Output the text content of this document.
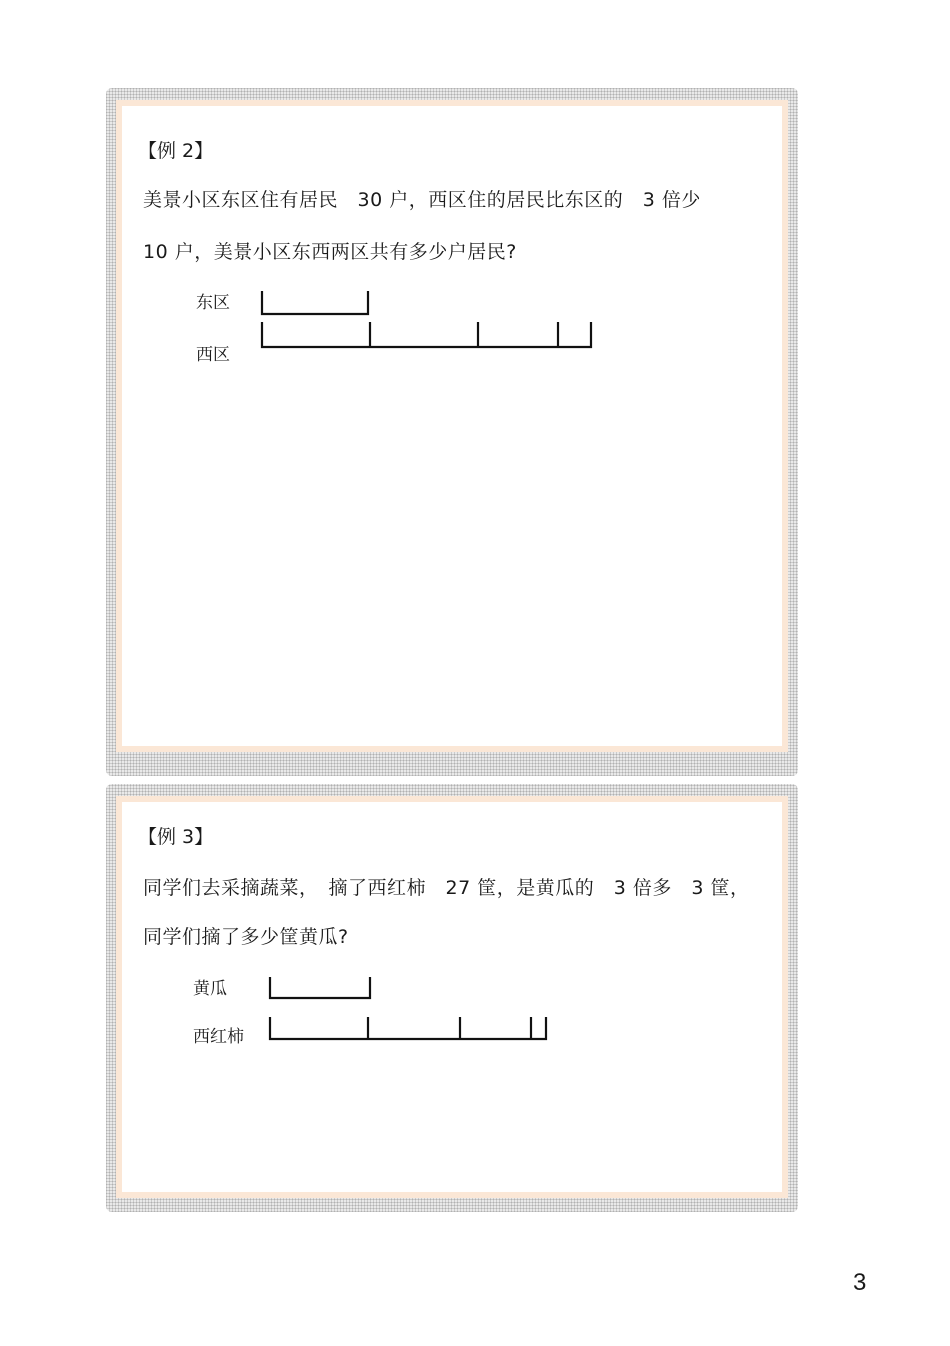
【例 2】
美景小区东区住有居民　30 户，西区住的居民比东区的　3 倍少
10 户，美景小区东西两区共有多少户居民?
东区
西区
【例 3】
同学们去采摘蔬菜，　摘了西红柿　27 筐，是黄瓜的　3 倍多　3 筐，
同学们摘了多少筐黄瓜?
黄瓜
西红柿
3
